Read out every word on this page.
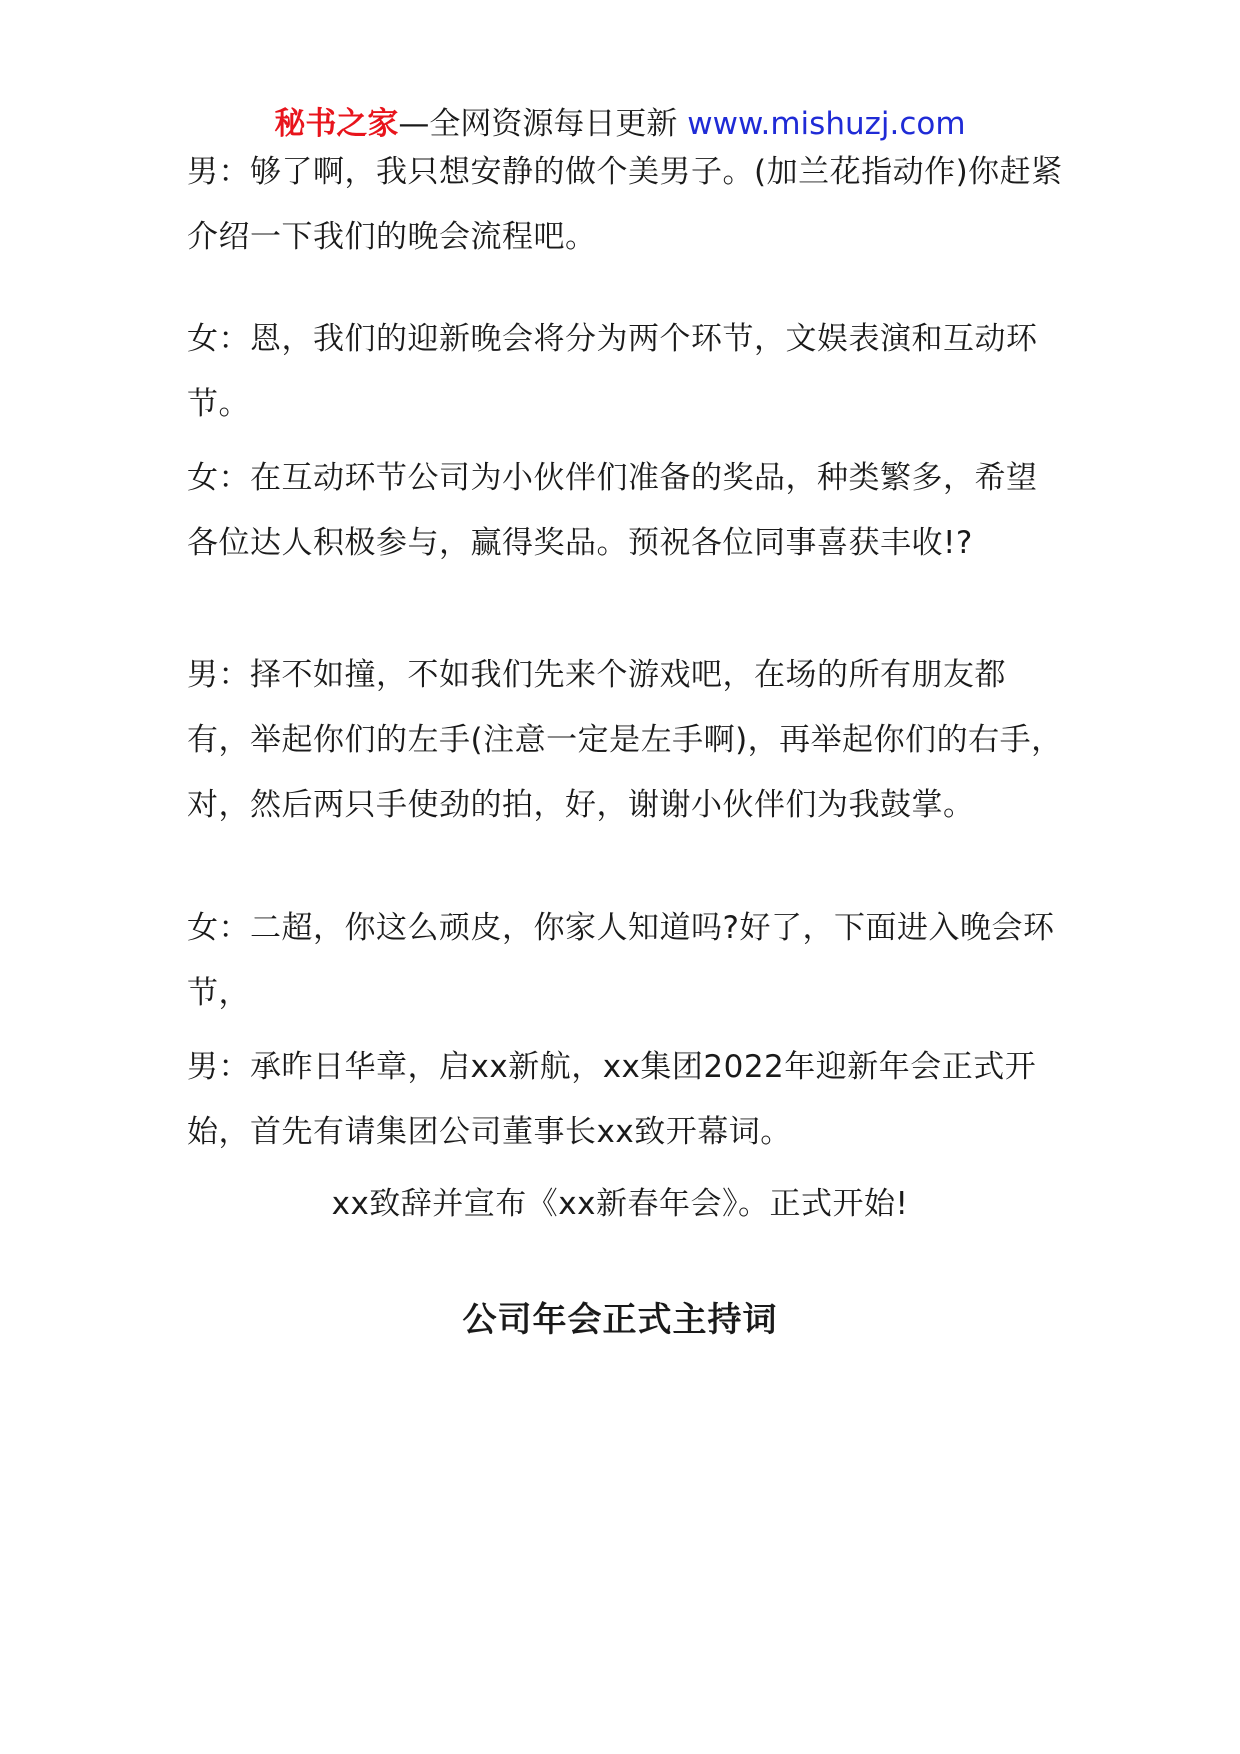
秘书之家—全网资源每日更新 www.mishuzj.com

男：够了啊，我只想安静的做个美男子。(加兰花指动作)你赶紧介绍一下我们的晚会流程吧。

女：恩，我们的迎新晚会将分为两个环节，文娱表演和互动环节。

女：在互动环节公司为小伙伴们准备的奖品，种类繁多，希望各位达人积极参与，赢得奖品。预祝各位同事喜获丰收!?

男：择不如撞，不如我们先来个游戏吧，在场的所有朋友都有，举起你们的左手(注意一定是左手啊)，再举起你们的右手，对，然后两只手使劲的拍，好，谢谢小伙伴们为我鼓掌。

女：二超，你这么顽皮，你家人知道吗?好了，下面进入晚会环节，

男：承昨日华章，启xx新航，xx集团2022年迎新年会正式开始，首先有请集团公司董事长xx致开幕词。

xx致辞并宣布《xx新春年会》。正式开始!
公司年会正式主持词
